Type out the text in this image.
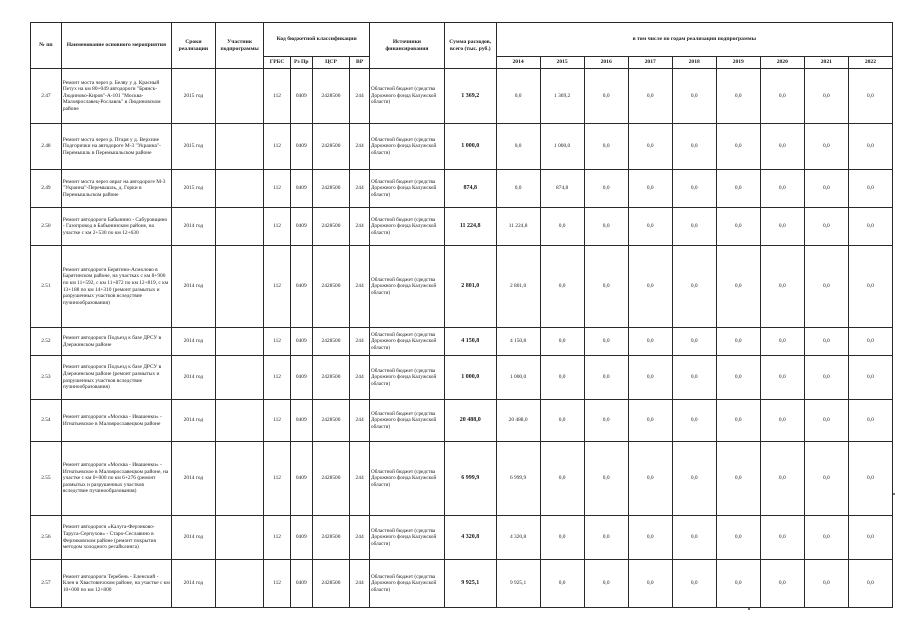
№ пп	Наименование основного мероприятия	Сроки реализации	Участник подпрограммы	Код бюджетной классификации				Источники финансирования	Сумма расходов, всего (тыс. руб.)	в том числе по годам реализации подпрограммы								
				ГРБС	Рз Пр	ЦСР	ВР			2014	2015	2016	2017	2018	2019	2020	2021	2022
2.47	Ремонт моста через р. Белву у д. Красный Петух на км 80+049 автодороги "Брянск-Людиново-Киров"-А-101 "Москва-Малоярославец-Рославль" в Людиновском районе	2015 год		112	0409	2428500	244	Областной бюджет (средства Дорожного фонда Калужской области)	1 369,2	0,0	1 369,2	0,0	0,0	0,0	0,0	0,0	0,0	0,0
2.48	Ремонт моста через р. Птаря у д. Верхние Подгорички на автодороге М-3 "Украина"-Перемышль в Перемышльском районе	2015 год		112	0409	2428500	244	Областной бюджет (средства Дорожного фонда Калужской области)	1 000,0	0,0	1 000,0	0,0	0,0	0,0	0,0	0,0	0,0	0,0
2.49	Ремонт моста через овраг на автодороге М-3 "Украина"-Перемышль, д. Горки в Перемышльском районе	2015 год		112	0409	2428500	244	Областной бюджет (средства Дорожного фонда Калужской области)	874,8	0,0	874,8	0,0	0,0	0,0	0,0	0,0	0,0	0,0
2.50	Ремонт автодороги Бабынино - Сабуровщино - Газопровод в Бабынинском районе, на участке с км 2+530 по км 12+630	2014 год		112	0409	2428500	244	Областной бюджет (средства Дорожного фонда Калужской области)	11 224,8	11 224,8	0,0	0,0	0,0	0,0	0,0	0,0	0,0	0,0
2.51	Ремонт автодороги Берятино-Асмолово в Барятинском районе, на участках с км 8+900 по км 11+592, с км 11+872 по км 12+819, с км 13+188 по км 14+310 (ремонт размытых и разрушенных участков вследствие пучинообразования)	2014 год		112	0409	2428500	244	Областной бюджет (средства Дорожного фонда Калужской области)	2 801,0	2 801,0	0,0	0,0	0,0	0,0	0,0	0,0	0,0	0,0
2.52	Ремонт автодороги Подъезд к базе ДРСУ в Дзержинском районе	2014 год		112	0409	2428500	244	Областной бюджет (средства Дорожного фонда Калужской области)	4 150,8	4 150,8	0,0	0,0	0,0	0,0	0,0	0,0	0,0	0,0
2.53	Ремонт автодороги Подъезд к базе ДРСУ в Дзержинском районе (ремонт размытых и разрушенных участков вследствие пучинообразования)	2014 год		112	0409	2428500	244	Областной бюджет (средства Дорожного фонда Калужской области)	1 000,0	1 000,0	0,0	0,0	0,0	0,0	0,0	0,0	0,0	0,0
2.54	Ремонт автодороги «Москва - Ивашенки» - Игнатьевское в Малоярославецком районе	2014 год		112	0409	2428500	244	Областной бюджет (средства Дорожного фонда Калужской области)	20 488,0	20 488,0	0,0	0,0	0,0	0,0	0,0	0,0	0,0	0,0
2.55	Ремонт автодороги «Москва - Ивашенки» - Игнатьевское в Малоярославецком районе, на участке с км 0+000 по км 6+276 (ремонт размытых и разрушенных участков вследствие пучинообразования)	2014 год		112	0409	2428500	244	Областной бюджет (средства Дорожного фонда Калужской области)	6 999,9	6 999,9	0,0	0,0	0,0	0,0	0,0	0,0	0,0	0,0
2.56	Ремонт автодороги «Калуга-Ферзиково-Таруса-Серпухов» - Старо-Сеславино в Ферзиковском районе (ремонт покрытия методом холодного ресайклинга)	2014 год		112	0409	2428500	244	Областной бюджет (средства Дорожного фонда Калужской области)	4 320,8	4 320,8	0,0	0,0	0,0	0,0	0,0	0,0	0,0	0,0
2.57	Ремонт автодороги Теребень - Еленский - Клен в Хвастовичском районе, на участке с км 10+000 по км 12+800	2014 год		112	0409	2428500	244	Областной бюджет (средства Дорожного фонда Калужской области)	9 925,1	9 925,1	0,0	0,0	0,0	0,0	0,0	0,0	0,0	0,0
